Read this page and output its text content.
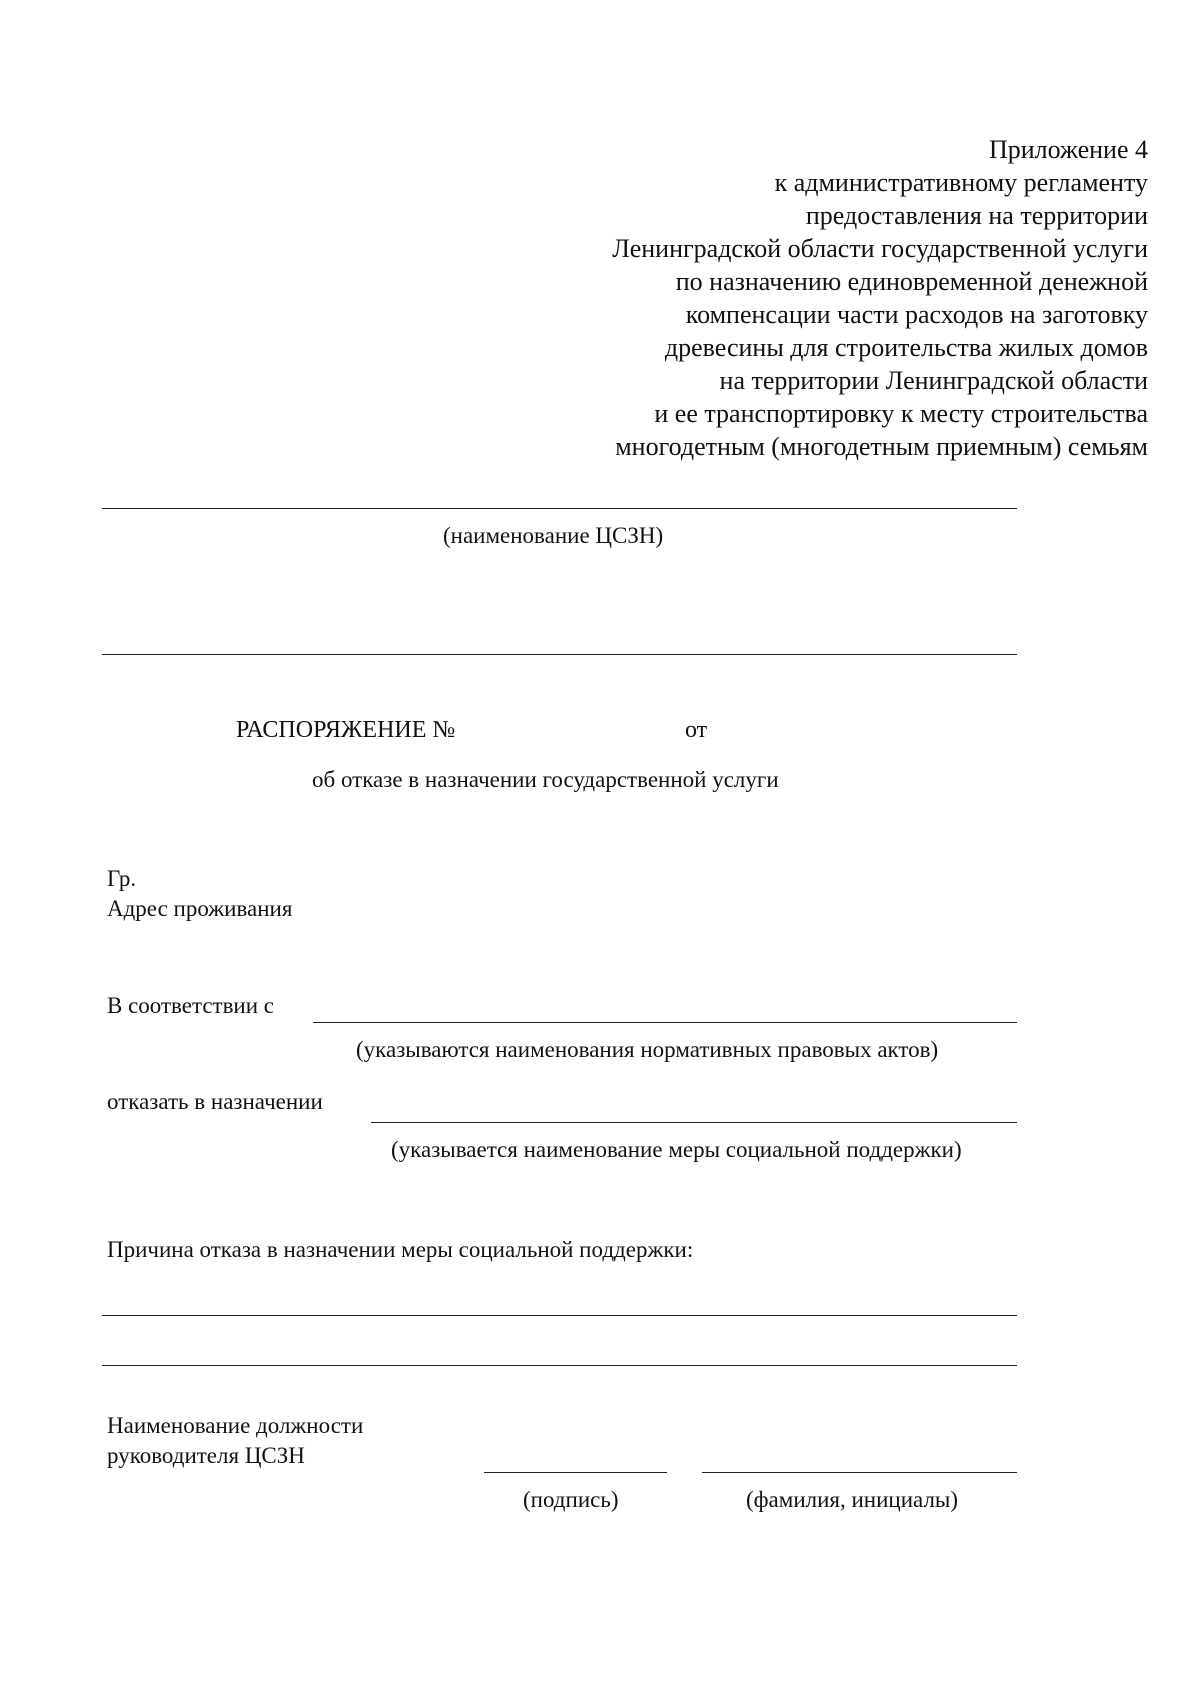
Приложение 4
к административному регламенту
предоставления на территории
Ленинградской области государственной услуги
по назначению единовременной денежной
компенсации части расходов на заготовку
древесины для строительства жилых домов
на территории Ленинградской области
и ее транспортировку к месту строительства
многодетным (многодетным приемным) семьям
(наименование ЦСЗН)
РАСПОРЯЖЕНИЕ №	от
об отказе в назначении государственной услуги
Гр.
Адрес проживания
В соответствии с
(указываются наименования нормативных правовых актов)
отказать в назначении
(указывается наименование меры социальной поддержки)
Причина отказа в назначении меры социальной поддержки:
Наименование должности
руководителя ЦСЗН
(подпись)	(фамилия, инициалы)
